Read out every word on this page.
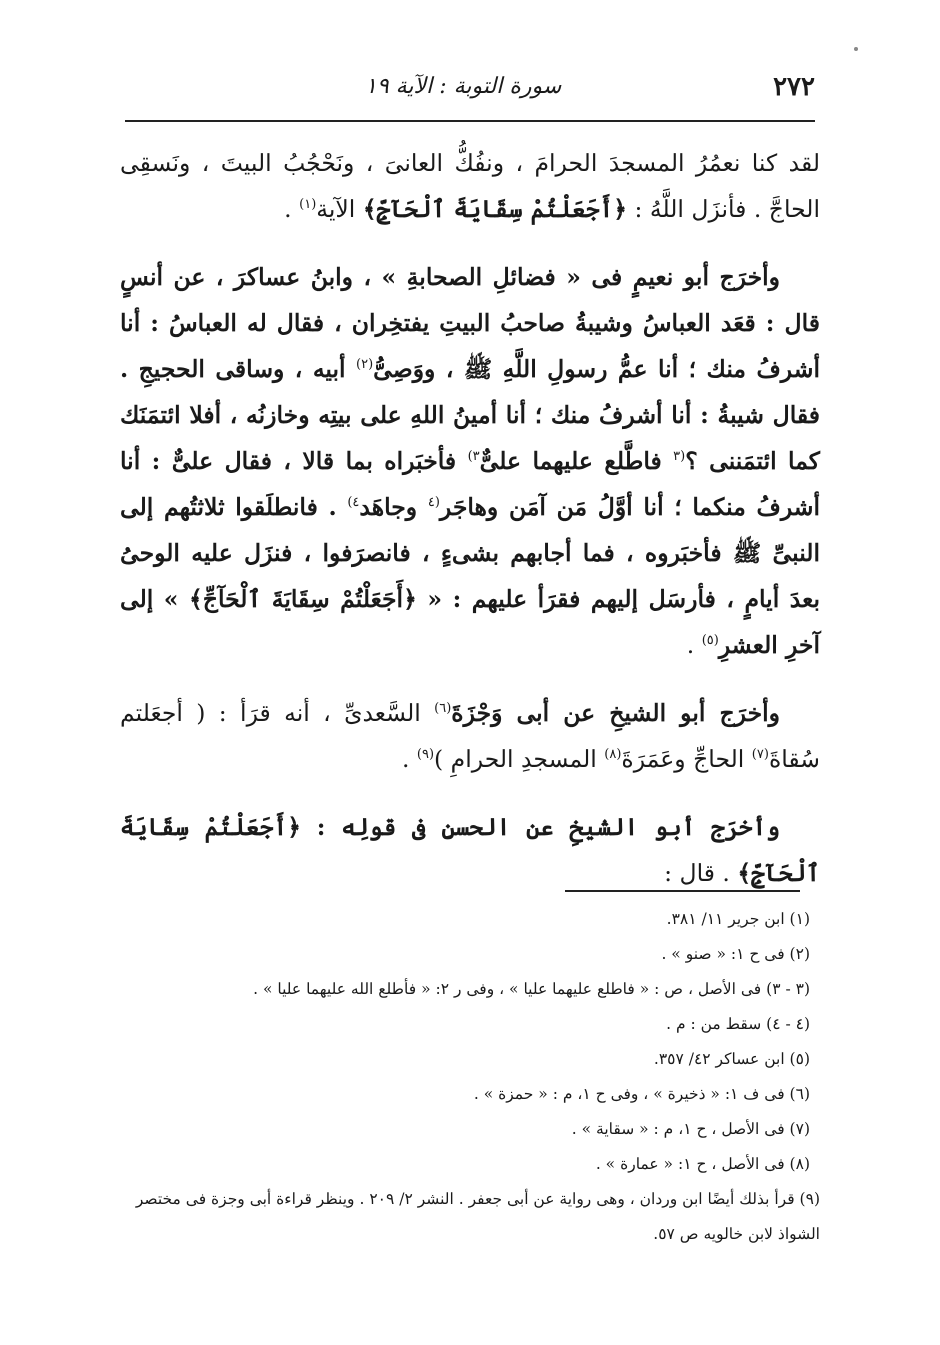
٢٧٢
سورة التوبة : الآية ١٩

لقد كنا نعمُرُ المسجدَ الحرامَ ، ونفُكُّ العانىَ ، ونَحْجُبُ البيتَ ، ونَسقِى الحاجَّ . فأنزَل اللَّهُ : ﴿أَجَعَلْتُمْ سِقَايَةَ ٱلْحَآجِّ﴾ الآية$^{(١)}$ .

وأخرَج أبو نعيمٍ فى « فضائلِ الصحابةِ » ، وابنُ عساكرَ ، عن أنسٍ قال : قعَد العباسُ وشيبةُ صاحبُ البيتِ يفتخِران ، فقال له العباسُ : أنا أشرفُ منك ؛ أنا عمُّ رسولِ اللَّهِ ﷺ ، ووَصِىُّ$^{(٢)}$ أبيه ، وساقى الحجيجِ . فقال شيبةُ : أنا أشرفُ منك ؛ أنا أمينُ اللهِ على بيتِه وخازنُه ، أفلا ائتمَنَك كما ائتمَننى ؟$^{(٣}$ فاطَّلع عليهما علىٌّ$^{٣)}$ فأخبَراه بما قالا ، فقال علىٌّ : أنا أشرفُ منكما ؛ أنا أوَّلُ مَن آمَن وهاجَر$^{(٤}$ وجاهَد$^{٤)}$ . فانطلَقوا ثلاثتُهم إلى النبىِّ ﷺ فأخبَروه ، فما أجابهم بشىءٍ ، فانصرَفوا ، فنزَل عليه الوحىُ بعدَ أيامٍ ، فأرسَل إليهم فقرَأ عليهم : « ﴿أَجَعَلْتُمْ سِقَايَةَ ٱلْحَآجِّ﴾ » إلى آخرِ العشرِ$^{(٥)}$ .

وأخرَج أبو الشيخِ عن أبى وَجْزَةَ$^{(٦)}$ السَّعدىِّ ، أنه قرَأ : ( أجعَلتم سُقاةَ$^{(٧)}$ الحاجِّ وعَمَرَةَ$^{(٨)}$ المسجدِ الحرامِ )$^{(٩)}$ .

وأخرَج أبو الشيخِ عن الحسنِ فى قولِه : ﴿أَجَعَلْتُمْ سِقَايَةَ ٱلْحَآجِّ﴾ . قال :

(١) ابن جرير ١١/ ٣٨١.
(٢) فى ح ١: « صنو » .
(٣ - ٣) فى الأصل ، ص : « فاطلع عليهما عليا » ، وفى ر ٢: « فأطلع الله عليهما عليا » .
(٤ - ٤) سقط من : م .
(٥) ابن عساكر ٤٢/ ٣٥٧.
(٦) فى ف ١: « ذخيرة » ، وفى ح ١، م : « حمزة » .
(٧) فى الأصل ، ح ١، م : « سقاية » .
(٨) فى الأصل ، ح ١: « عمارة » .
(٩) قرأ بذلك أيضًا ابن وردان ، وهى رواية عن أبى جعفر . النشر ٢/ ٢٠٩ . وينظر قراءة أبى وجزة فى مختصر الشواذ لابن خالويه ص ٥٧.
